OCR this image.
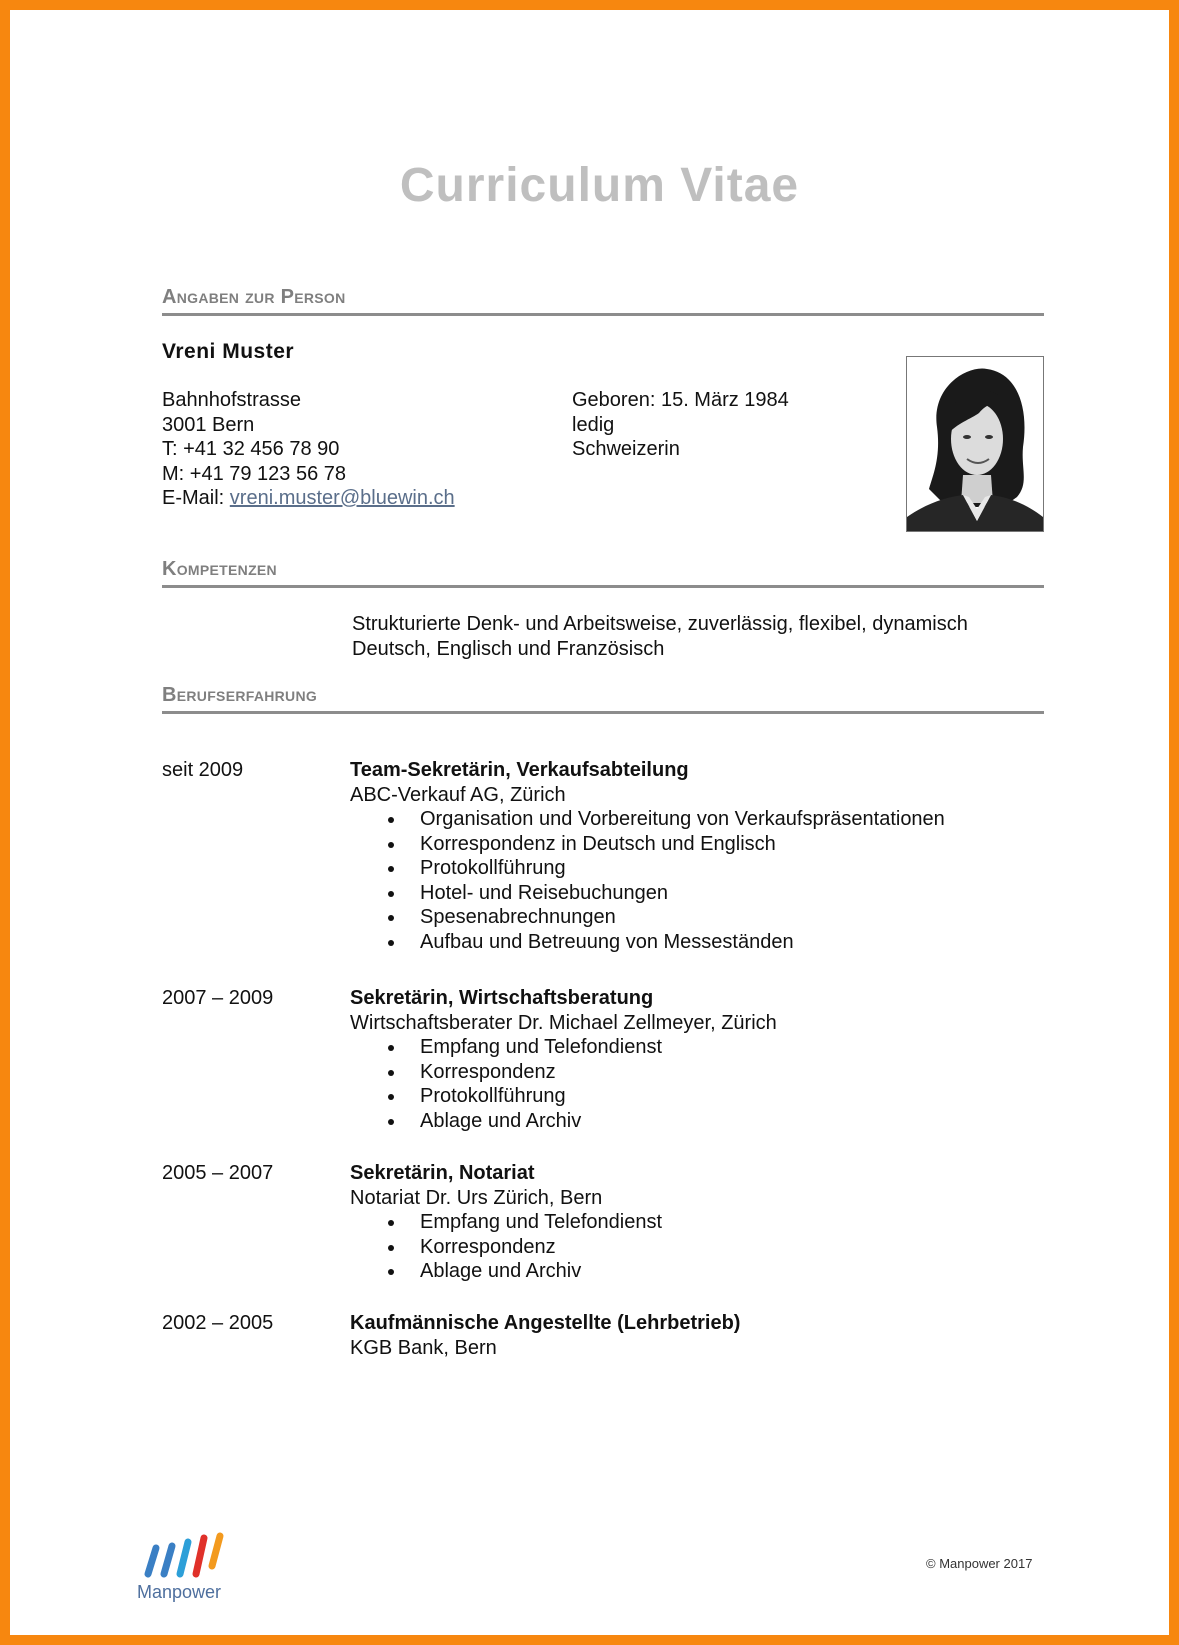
Curriculum Vitae
Angaben zur Person
Vreni Muster
Bahnhofstrasse
3001 Bern
T: +41 32 456 78 90
M: +41 79 123 56 78
E-Mail: vreni.muster@bluewin.ch
Geboren: 15. März 1984
ledig
Schweizerin
Kompetenzen
Strukturierte Denk- und Arbeitsweise, zuverlässig, flexibel, dynamisch
Deutsch, Englisch und Französisch
Berufserfahrung
seit 2009	Team-Sekretärin, Verkaufsabteilung
ABC-Verkauf AG, Zürich
Organisation und Vorbereitung von Verkaufspräsentationen
Korrespondenz in Deutsch und Englisch
Protokollführung
Hotel- und Reisebuchungen
Spesenabrechnungen
Aufbau und Betreuung von Messeständen
2007 – 2009	Sekretärin, Wirtschaftsberatung
Wirtschaftsberater Dr. Michael Zellmeyer, Zürich
Empfang und Telefondienst
Korrespondenz
Protokollführung
Ablage und Archiv
2005 – 2007	Sekretärin, Notariat
Notariat Dr. Urs Zürich, Bern
Empfang und Telefondienst
Korrespondenz
Ablage und Archiv
2002 – 2005	Kaufmännische Angestellte (Lehrbetrieb)
KGB Bank, Bern
Manpower
© Manpower 2017
